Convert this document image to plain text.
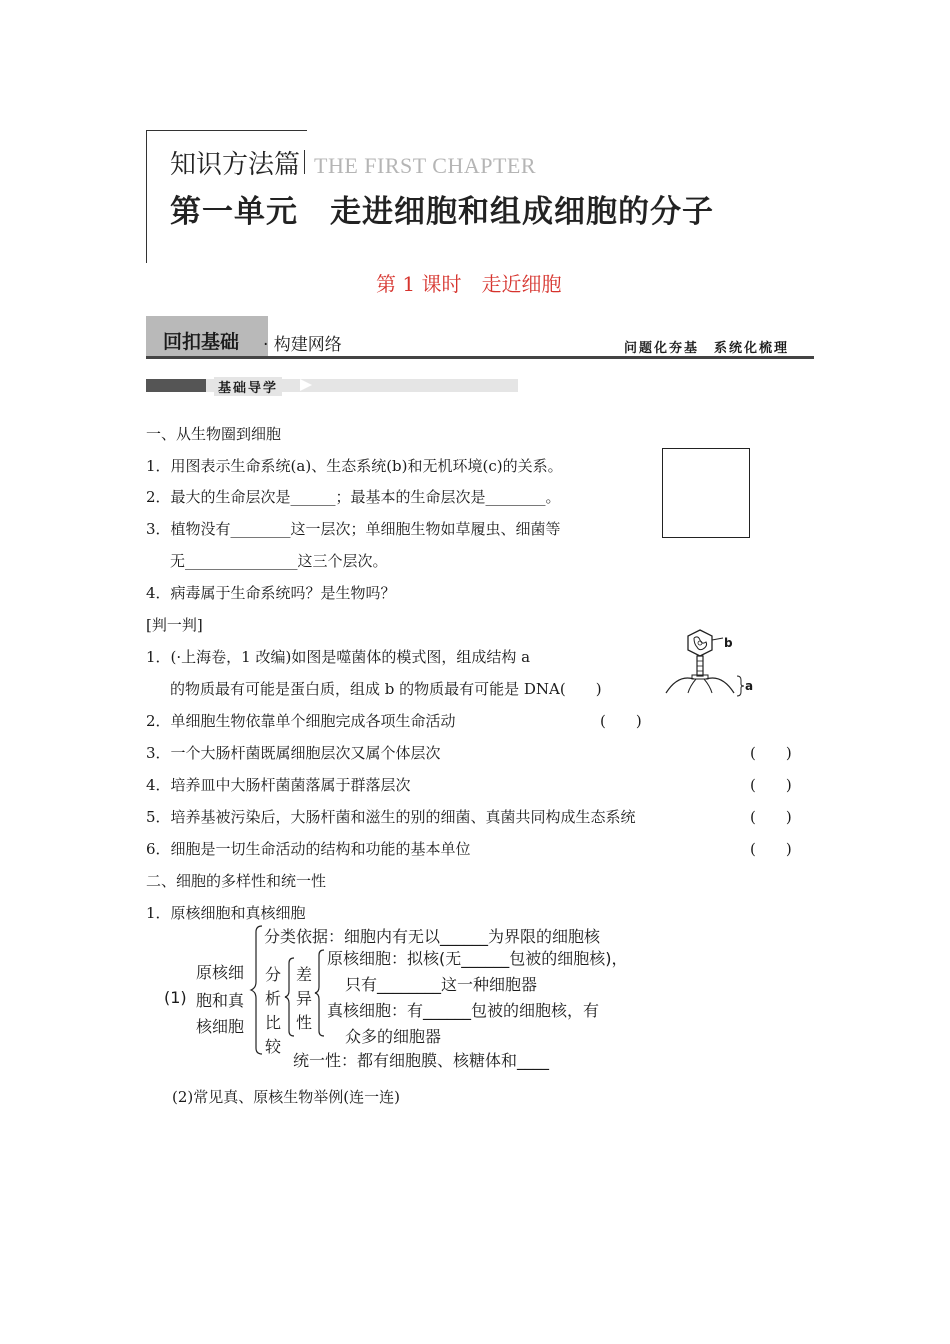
知识方法篇 THE FIRST CHAPTER
第一单元　走进细胞和组成细胞的分子
第 1 课时　走近细胞
回扣基础 · 构建网络	问题化夯基　系统化梳理
基础导学
一、从生物圈到细胞
1．用图表示生命系统(a)、生态系统(b)和无机环境(c)的关系。
2．最大的生命层次是______；最基本的生命层次是________。
3．植物没有________这一层次；单细胞生物如草履虫、细菌等
无_______________这三个层次。
4．病毒属于生命系统吗？是生物吗？
[判一判]
1．(·上海卷，1 改编)如图是噬菌体的模式图，组成结构 a
的物质最有可能是蛋白质，组成 b 的物质最有可能是 DNA(　　)
b
a
2．单细胞生物依靠单个细胞完成各项生命活动	(　　)
3．一个大肠杆菌既属细胞层次又属个体层次	(　　)
4．培养皿中大肠杆菌菌落属于群落层次	(　　)
5．培养基被污染后，大肠杆菌和滋生的别的细菌、真菌共同构成生态系统	(　　)
6．细胞是一切生命活动的结构和功能的基本单位	(　　)
二、细胞的多样性和统一性
1．原核细胞和真核细胞
(1)
原核细
胞和真
核细胞
分类依据：细胞内有无以______为界限的细胞核
分
析
比
较
差
异
性
原核细胞：拟核(无______包被的细胞核)，
只有________这一种细胞器
真核细胞：有______包被的细胞核，有
众多的细胞器
统一性：都有细胞膜、核糖体和____
(2)常见真、原核生物举例(连一连)
